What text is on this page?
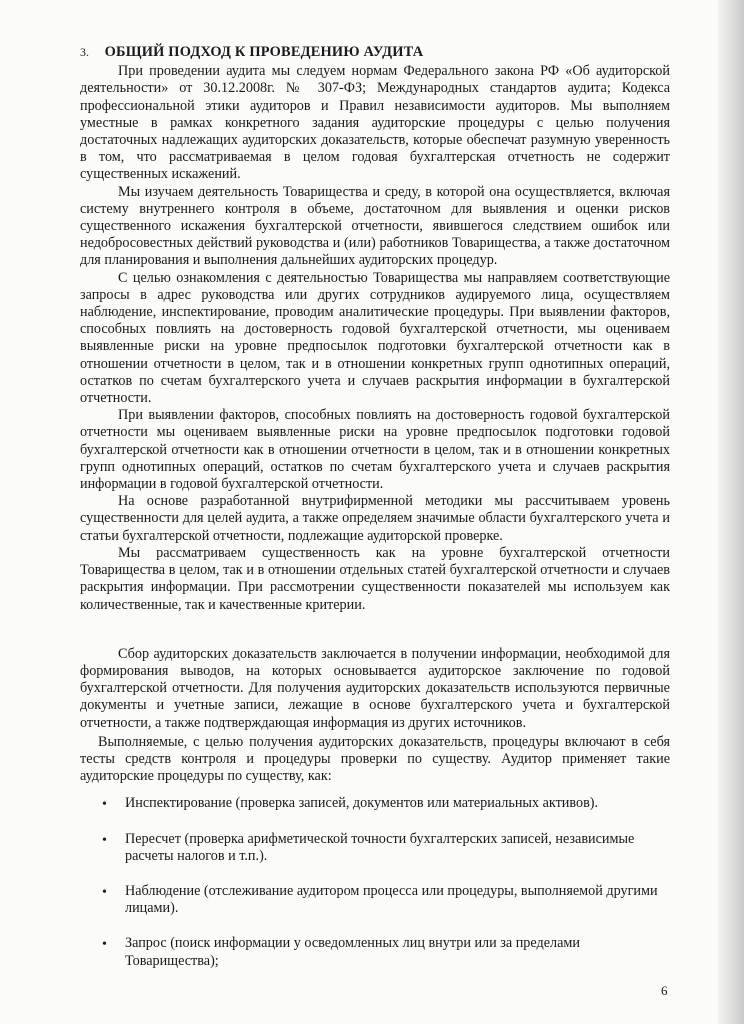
3. ОБЩИЙ ПОДХОД К ПРОВЕДЕНИЮ АУДИТА

При проведении аудита мы следуем нормам Федерального закона РФ «Об аудиторской деятельности» от 30.12.2008г. № 307-ФЗ; Международных стандартов аудита; Кодекса профессиональной этики аудиторов и Правил независимости аудиторов. Мы выполняем уместные в рамках конкретного задания аудиторские процедуры с целью получения достаточных надлежащих аудиторских доказательств, которые обеспечат разумную уверенность в том, что рассматриваемая в целом годовая бухгалтерская отчетность не содержит существенных искажений.

Мы изучаем деятельность Товарищества и среду, в которой она осуществляется, включая систему внутреннего контроля в объеме, достаточном для выявления и оценки рисков существенного искажения бухгалтерской отчетности, явившегося следствием ошибок или недобросовестных действий руководства и (или) работников Товарищества, а также достаточном для планирования и выполнения дальнейших аудиторских процедур.

С целью ознакомления с деятельностью Товарищества мы направляем соответствующие запросы в адрес руководства или других сотрудников аудируемого лица, осуществляем наблюдение, инспектирование, проводим аналитические процедуры. При выявлении факторов, способных повлиять на достоверность годовой бухгалтерской отчетности, мы оцениваем выявленные риски на уровне предпосылок подготовки бухгалтерской отчетности как в отношении отчетности в целом, так и в отношении конкретных групп однотипных операций, остатков по счетам бухгалтерского учета и случаев раскрытия информации в бухгалтерской отчетности.

При выявлении факторов, способных повлиять на достоверность годовой бухгалтерской отчетности мы оцениваем выявленные риски на уровне предпосылок подготовки годовой бухгалтерской отчетности как в отношении отчетности в целом, так и в отношении конкретных групп однотипных операций, остатков по счетам бухгалтерского учета и случаев раскрытия информации в годовой бухгалтерской отчетности.

На основе разработанной внутрифирменной методики мы рассчитываем уровень существенности для целей аудита, а также определяем значимые области бухгалтерского учета и статьи бухгалтерской отчетности, подлежащие аудиторской проверке.

Мы рассматриваем существенность как на уровне бухгалтерской отчетности Товарищества в целом, так и в отношении отдельных статей бухгалтерской отчетности и случаев раскрытия информации. При рассмотрении существенности показателей мы используем как количественные, так и качественные критерии.

Сбор аудиторских доказательств заключается в получении информации, необходимой для формирования выводов, на которых основывается аудиторское заключение по годовой бухгалтерской отчетности. Для получения аудиторских доказательств используются первичные документы и учетные записи, лежащие в основе бухгалтерского учета и бухгалтерской отчетности, а также подтверждающая информация из других источников.

Выполняемые, с целью получения аудиторских доказательств, процедуры включают в себя тесты средств контроля и процедуры проверки по существу. Аудитор применяет такие аудиторские процедуры по существу, как:

• Инспектирование (проверка записей, документов или материальных активов).
• Пересчет (проверка арифметической точности бухгалтерских записей, независимые расчеты налогов и т.п.).
• Наблюдение (отслеживание аудитором процесса или процедуры, выполняемой другими лицами).
• Запрос (поиск информации у осведомленных лиц внутри или за пределами Товарищества);
6
